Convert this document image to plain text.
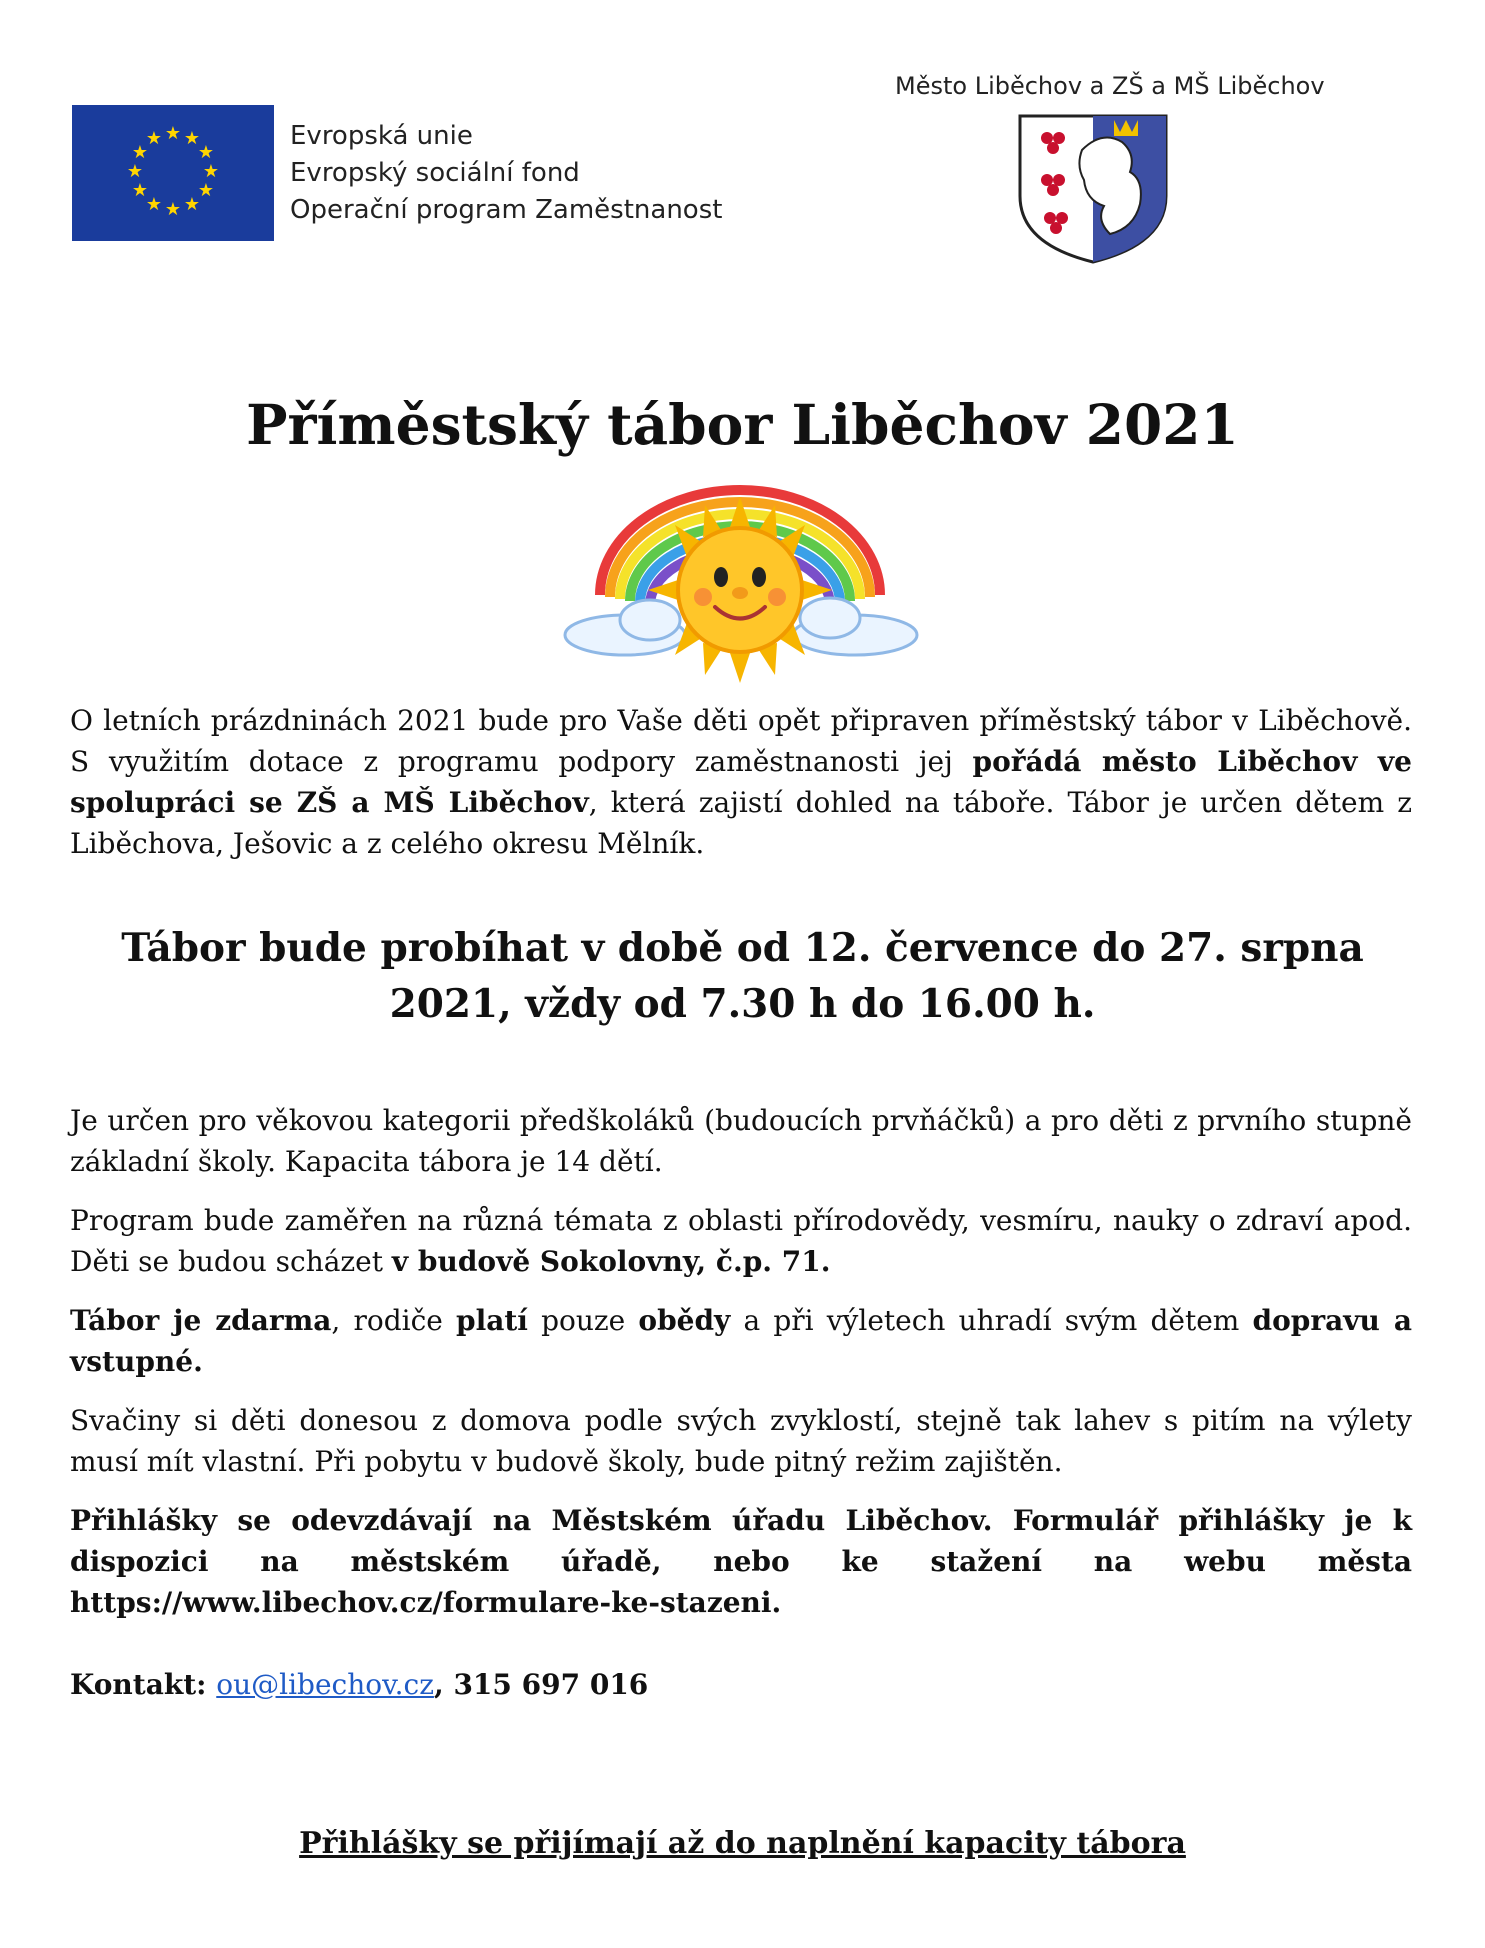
★ ★
★
★
★
★
★
★
★
★
★
★	Evropská unie
Evropský sociální fond
Operační program Zaměstnanost
Město Liběchov a ZŠ a MŠ Liběchov
Příměstský tábor Liběchov 2021
O letních prázdninách 2021 bude pro Vaše děti opět připraven příměstský tábor v Liběchově. S využitím dotace z programu podpory zaměstnanosti jej pořádá město Liběchov ve spolupráci se ZŠ a MŠ Liběchov, která zajistí dohled na táboře. Tábor je určen dětem z Liběchova, Ješovic a z celého okresu Mělník.
Tábor bude probíhat v době od 12. července do 27. srpna
2021, vždy od 7.30 h do 16.00 h.
Je určen pro věkovou kategorii předškoláků (budoucích prvňáčků) a pro děti z prvního stupně základní školy. Kapacita tábora je 14 dětí.
Program bude zaměřen na různá témata z oblasti přírodovědy, vesmíru, nauky o zdraví apod. Děti se budou scházet v budově Sokolovny, č.p. 71.
Tábor je zdarma, rodiče platí pouze obědy a při výletech uhradí svým dětem dopravu a vstupné.
Svačiny si děti donesou z domova podle svých zvyklostí, stejně tak lahev s pitím na výlety musí mít vlastní. Při pobytu v budově školy, bude pitný režim zajištěn.
Přihlášky se odevzdávají na Městském úřadu Liběchov. Formulář přihlášky je k dispozici na městském úřadě, nebo ke stažení na webu města https://www.libechov.cz/formulare-ke-stazeni.
Kontakt: ou@libechov.cz, 315 697 016
Přihlášky se přijímají až do naplnění kapacity tábora
